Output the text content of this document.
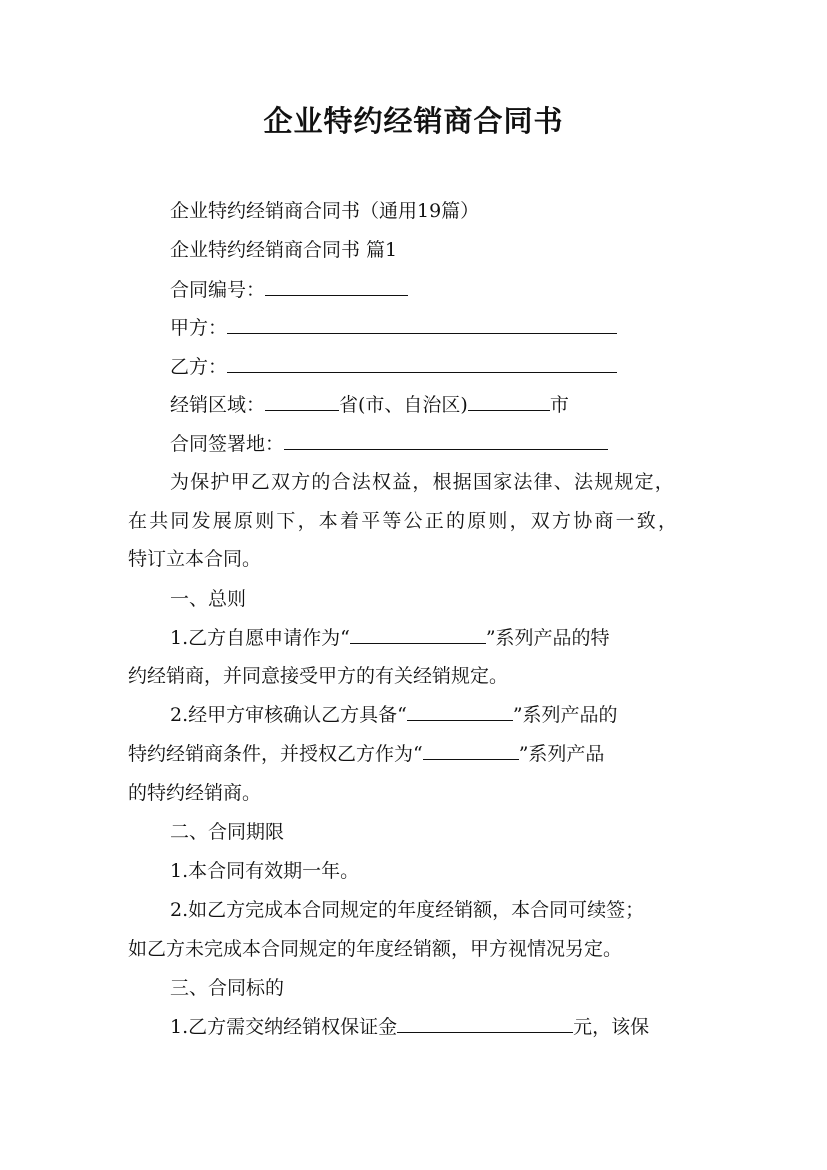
企业特约经销商合同书
企业特约经销商合同书（通用19篇）
企业特约经销商合同书 篇1
合同编号：
甲方：
乙方：
经销区域：	省(市、自治区)	市
合同签署地：
为保护甲乙双方的合法权益，根据国家法律、法规规定，
在共同发展原则下，本着平等公正的原则，双方协商一致，
特订立本合同。
一、总则
1.乙方自愿申请作为“	”系列产品的特
约经销商，并同意接受甲方的有关经销规定。
2.经甲方审核确认乙方具备“	”系列产品的
特约经销商条件，并授权乙方作为“	”系列产品
的特约经销商。
二、合同期限
1.本合同有效期一年。
2.如乙方完成本合同规定的年度经销额，本合同可续签；
如乙方未完成本合同规定的年度经销额，甲方视情况另定。
三、合同标的
1.乙方需交纳经销权保证金	元，该保
